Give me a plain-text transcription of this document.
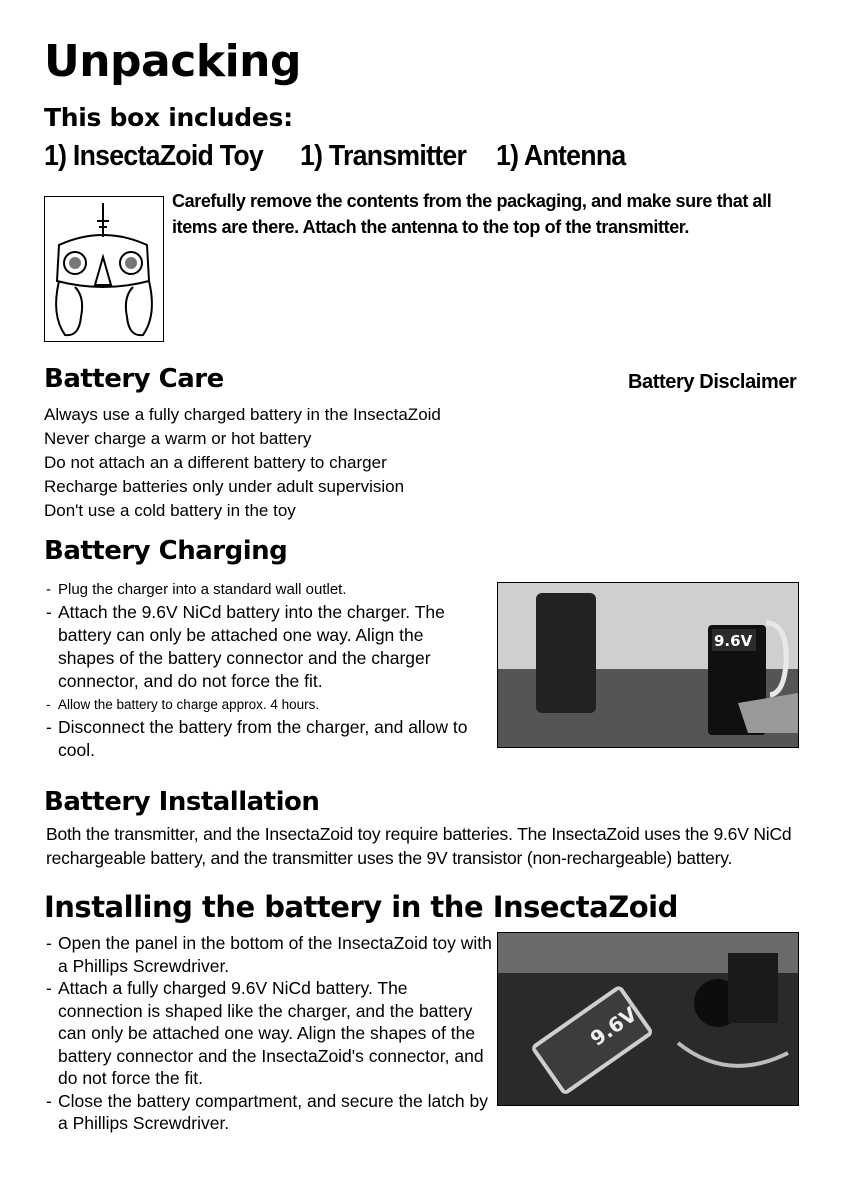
Unpacking
This box includes:
1) InsectaZoid Toy 1) Transmitter 1) Antenna
Carefully remove the contents from the packaging, and make sure that all items are there. Attach the antenna to the top of the transmitter.
Battery Care	Battery Disclaimer
Always use a fully charged battery in the InsectaZoid
Never charge a warm or hot battery
Do not attach an a different battery to charger
Recharge batteries only under adult supervision
Don't use a cold battery in the toy
Battery Charging
- Plug the charger into a standard wall outlet.
- Attach the 9.6V NiCd battery into the charger. The battery can only be attached one way. Align the shapes of the battery connector and the charger connector, and do not force the fit.
- Allow the battery to charge approx. 4 hours.
- Disconnect the battery from the charger, and allow to cool.
9.6V
Battery Installation
Both the transmitter, and the InsectaZoid toy require batteries. The InsectaZoid uses the 9.6V NiCd rechargeable battery, and the transmitter uses the 9V transistor (non-rechargeable) battery.
Installing the battery in the InsectaZoid
- Open the panel in the bottom of the InsectaZoid toy with a Phillips Screwdriver.
- Attach a fully charged 9.6V NiCd battery. The connection is shaped like the charger, and the battery can only be attached one way. Align the shapes of the battery connector and the InsectaZoid's connector, and do not force the fit.
- Close the battery compartment, and secure the latch by a Phillips Screwdriver.
9.6V
